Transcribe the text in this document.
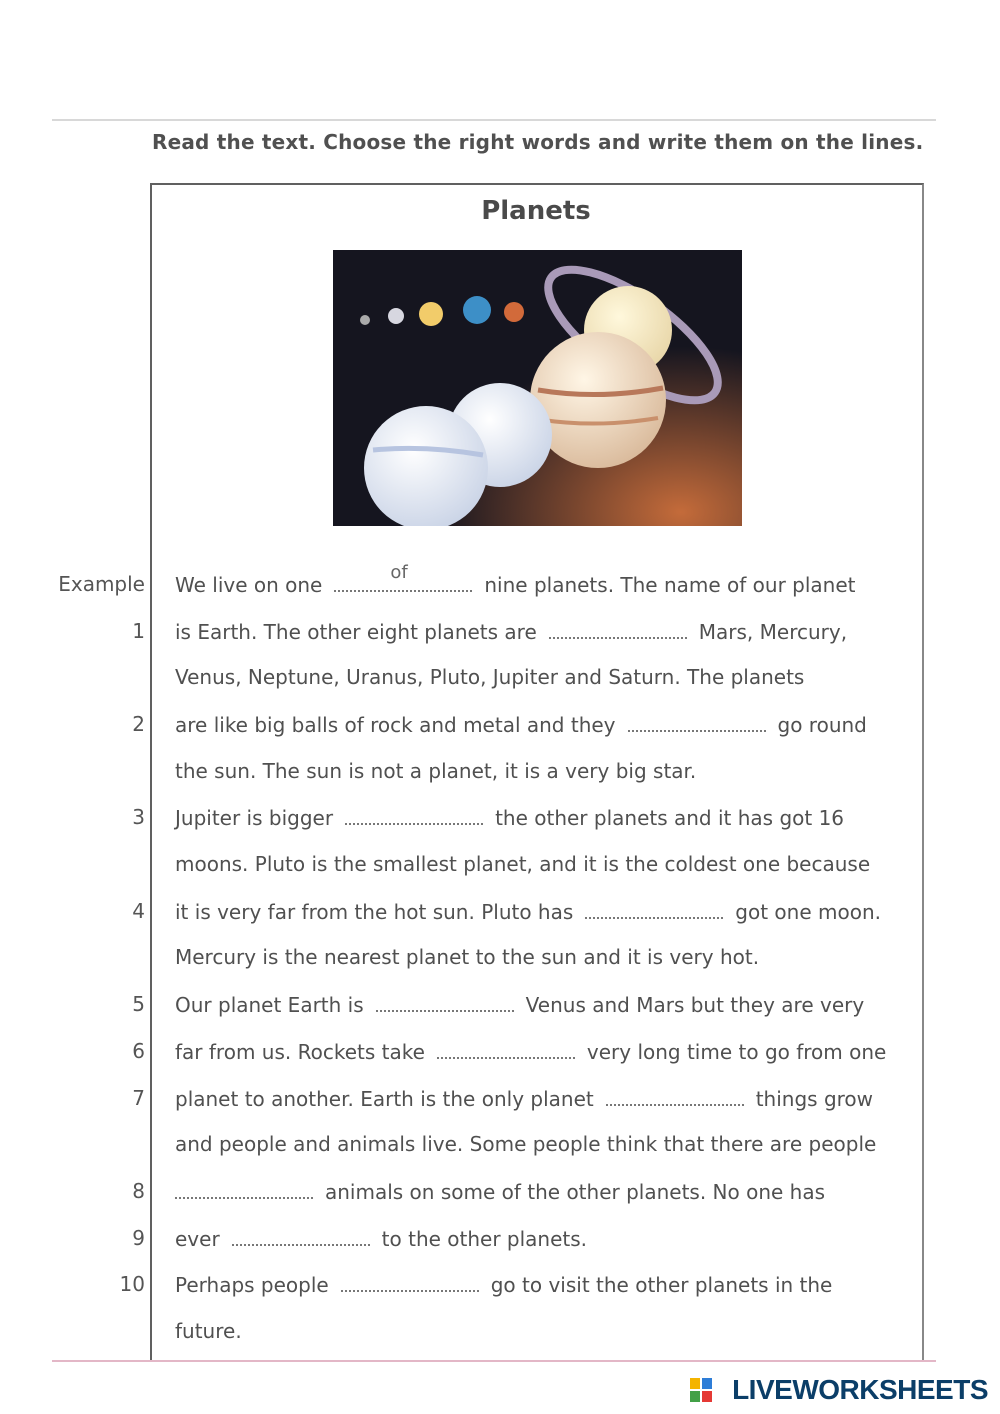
Read the text. Choose the right words and write them on the lines.
Planets
Example We live on one
of
nine planets. The name of our planet
1 is Earth. The other eight planets are	Mars, Mercury,
Venus, Neptune, Uranus, Pluto, Jupiter and Saturn. The planets
2 are like big balls of rock and metal and they	go round
the sun. The sun is not a planet, it is a very big star.
3 Jupiter is bigger	the other planets and it has got 16
moons. Pluto is the smallest planet, and it is the coldest one because
4 it is very far from the hot sun. Pluto has	got one moon.
Mercury is the nearest planet to the sun and it is very hot.
5 Our planet Earth is	Venus and Mars but they are very
6 far from us. Rockets take	very long time to go from one
7 planet to another. Earth is the only planet	things grow
and people and animals live. Some people think that there are people
8	animals on some of the other planets. No one has
9 ever	to the other planets.
10 Perhaps people	go to visit the other planets in the
future.
LIVEWORKSHEETS
